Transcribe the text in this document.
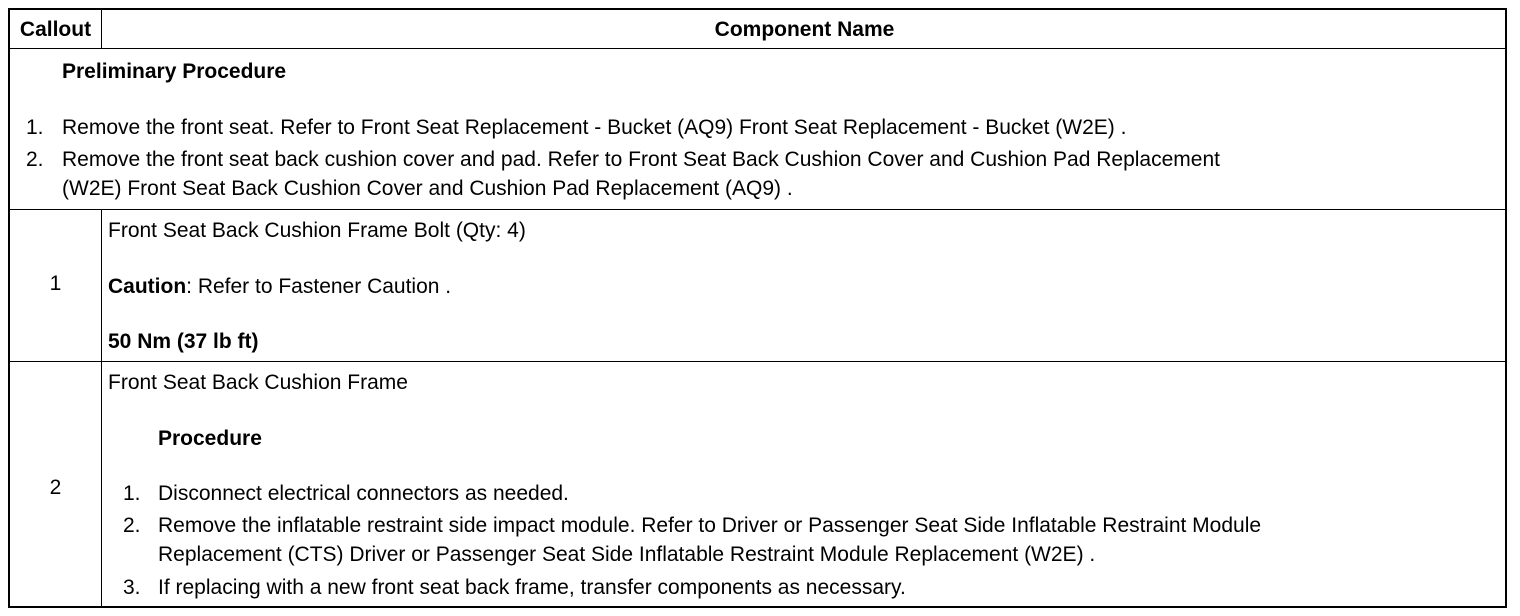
Callout	Component Name
Preliminary Procedure
1. Remove the front seat. Refer to Front Seat Replacement - Bucket (AQ9) Front Seat Replacement - Bucket (W2E) .
2. Remove the front seat back cushion cover and pad. Refer to Front Seat Back Cushion Cover and Cushion Pad Replacement
(W2E) Front Seat Back Cushion Cover and Cushion Pad Replacement (AQ9) .
1
Front Seat Back Cushion Frame Bolt (Qty: 4)
Caution: Refer to Fastener Caution .
50 Nm (37 lb ft)
2
Front Seat Back Cushion Frame
Procedure
1. Disconnect electrical connectors as needed.
2. Remove the inflatable restraint side impact module. Refer to Driver or Passenger Seat Side Inflatable Restraint Module
Replacement (CTS) Driver or Passenger Seat Side Inflatable Restraint Module Replacement (W2E) .
3. If replacing with a new front seat back frame, transfer components as necessary.
